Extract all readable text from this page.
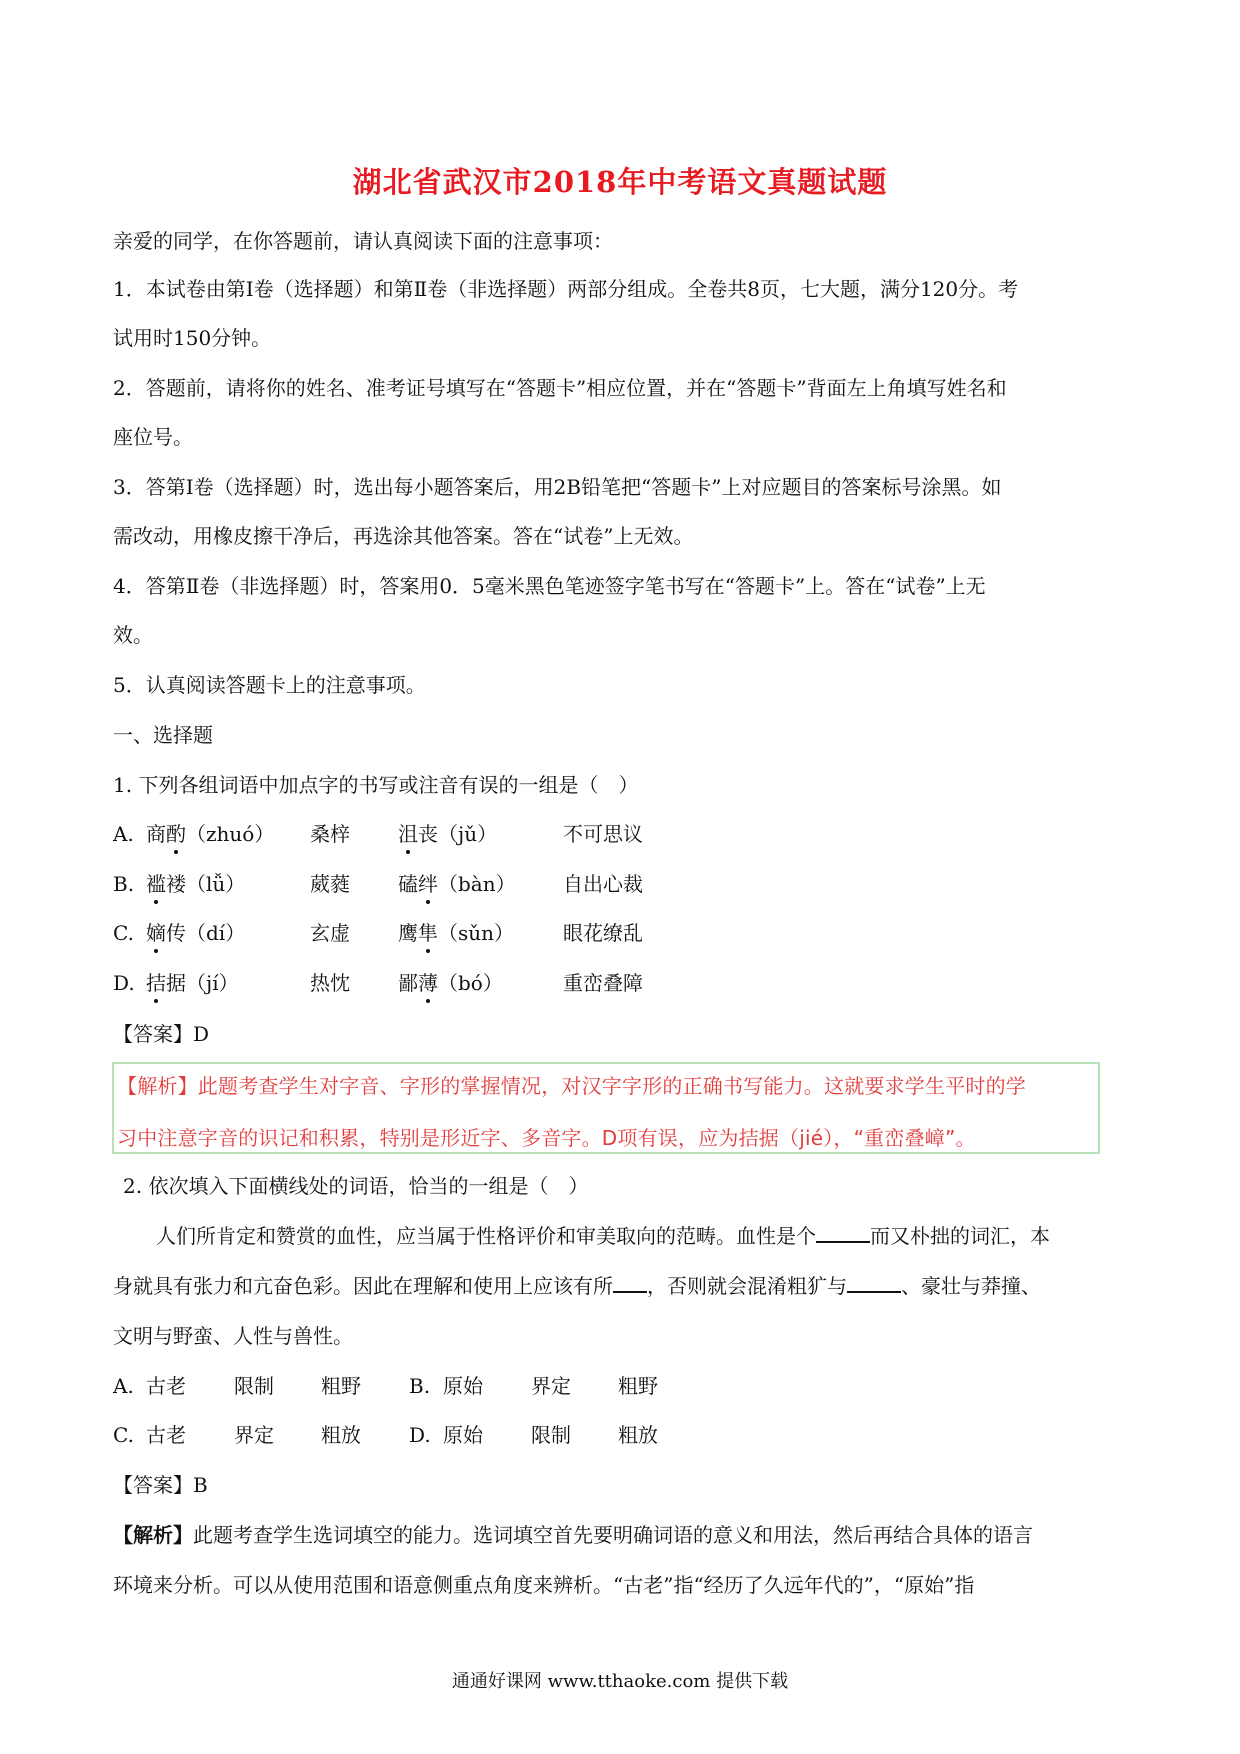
湖北省武汉市2018年中考语文真题试题
亲爱的同学，在你答题前，请认真阅读下面的注意事项：
1．本试卷由第Ⅰ卷（选择题）和第Ⅱ卷（非选择题）两部分组成。全卷共8页，七大题，满分120分。考
试用时150分钟。
2．答题前，请将你的姓名、准考证号填写在“答题卡”相应位置，并在“答题卡”背面左上角填写姓名和
座位号。
3．答第Ⅰ卷（选择题）时，选出每小题答案后，用2B铅笔把“答题卡”上对应题目的答案标号涂黑。如
需改动，用橡皮擦干净后，再选涂其他答案。答在“试卷”上无效。
4．答第Ⅱ卷（非选择题）时，答案用0．5毫米黑色笔迹签字笔书写在“答题卡”上。答在“试卷”上无
效。
5．认真阅读答题卡上的注意事项。
一、选择题
1. 下列各组词语中加点字的书写或注音有误的一组是（　）
A. 商酌（zhuó） 桑梓 沮丧（jǔ）	不可思议
B. 褴褛（lǚ）	葳蕤 磕绊（bàn） 自出心裁
C. 嫡传（dí）	玄虚 鹰隼（sǔn） 眼花缭乱
D. 拮据（jí）	热忱 鄙薄（bó）	重峦叠障
【答案】D
【解析】此题考查学生对字音、字形的掌握情况，对汉字字形的正确书写能力。这就要求学生平时的学
习中注意字音的识记和积累，特别是形近字、多音字。D项有误，应为拮据（jié），“重峦叠嶂”。
2. 依次填入下面横线处的词语，恰当的一组是（　）
人们所肯定和赞赏的血性，应当属于性格评价和审美取向的范畴。血性是个	而又朴拙的词汇，本
身就具有张力和亢奋色彩。因此在理解和使用上应该有所 ，否则就会混淆粗犷与	、豪壮与莽撞、
文明与野蛮、人性与兽性。
A. 古老 限制 粗野 B. 原始 界定 粗野
C. 古老 界定 粗放 D. 原始 限制 粗放
【答案】B
【解析】此题考查学生选词填空的能力。选词填空首先要明确词语的意义和用法，然后再结合具体的语言
环境来分析。可以从使用范围和语意侧重点角度来辨析。“古老”指“经历了久远年代的”，“原始”指
通通好课网 www.tthaoke.com 提供下载
